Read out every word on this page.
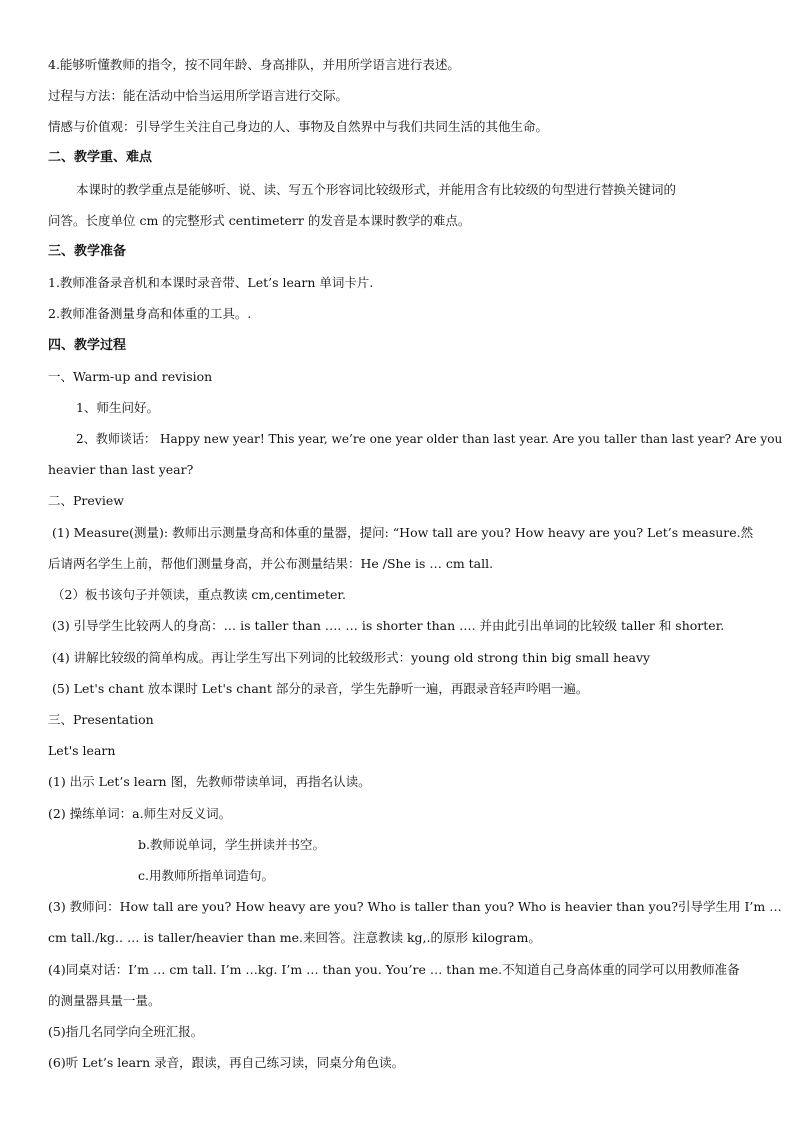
4.能够听懂教师的指令，按不同年龄、身高排队，并用所学语言进行表述。
过程与方法：能在活动中恰当运用所学语言进行交际。
情感与价值观：引导学生关注自己身边的人、事物及自然界中与我们共同生活的其他生命。
二、教学重、难点
本课时的教学重点是能够听、说、读、写五个形容词比较级形式，并能用含有比较级的句型进行替换关键词的
问答。长度单位 cm 的完整形式 centimeterr 的发音是本课时教学的难点。
三、教学准备
1.教师准备录音机和本课时录音带、Let’s learn 单词卡片.
2.教师准备测量身高和体重的工具。.
四、教学过程
一、Warm-up and revision
1、师生问好。
2、教师谈话： Happy new year! This year, we’re one year older than last year. Are you taller than last year? Are you
heavier than last year?
二、Preview
(1) Measure(测量): 教师出示测量身高和体重的量器，提问: “How tall are you? How heavy are you? Let’s measure.然
后请两名学生上前，帮他们测量身高，并公布测量结果：He /She is … cm tall.
（2）板书该句子并领读，重点教读 cm,centimeter.
(3) 引导学生比较两人的身高：… is taller than …. … is shorter than …. 并由此引出单词的比较级 taller 和 shorter.
(4) 讲解比较级的简单构成。再让学生写出下列词的比较级形式：young old strong thin big small heavy
(5) Let's chant 放本课时 Let's chant 部分的录音，学生先静听一遍，再跟录音轻声吟唱一遍。
三、Presentation
Let's learn
(1) 出示 Let’s learn 图，先教师带读单词，再指名认读。
(2) 操练单词：a.师生对反义词。
b.教师说单词，学生拼读并书空。
c.用教师所指单词造句。
(3) 教师问：How tall are you? How heavy are you? Who is taller than you? Who is heavier than you?引导学生用 I’m …
cm tall./kg.. … is taller/heavier than me.来回答。注意教读 kg,.的原形 kilogram。
(4)同桌对话：I’m … cm tall. I’m …kg. I’m … than you. You’re … than me.不知道自己身高体重的同学可以用教师准备
的测量器具量一量。
(5)指几名同学向全班汇报。
(6)听 Let’s learn 录音，跟读，再自己练习读，同桌分角色读。
